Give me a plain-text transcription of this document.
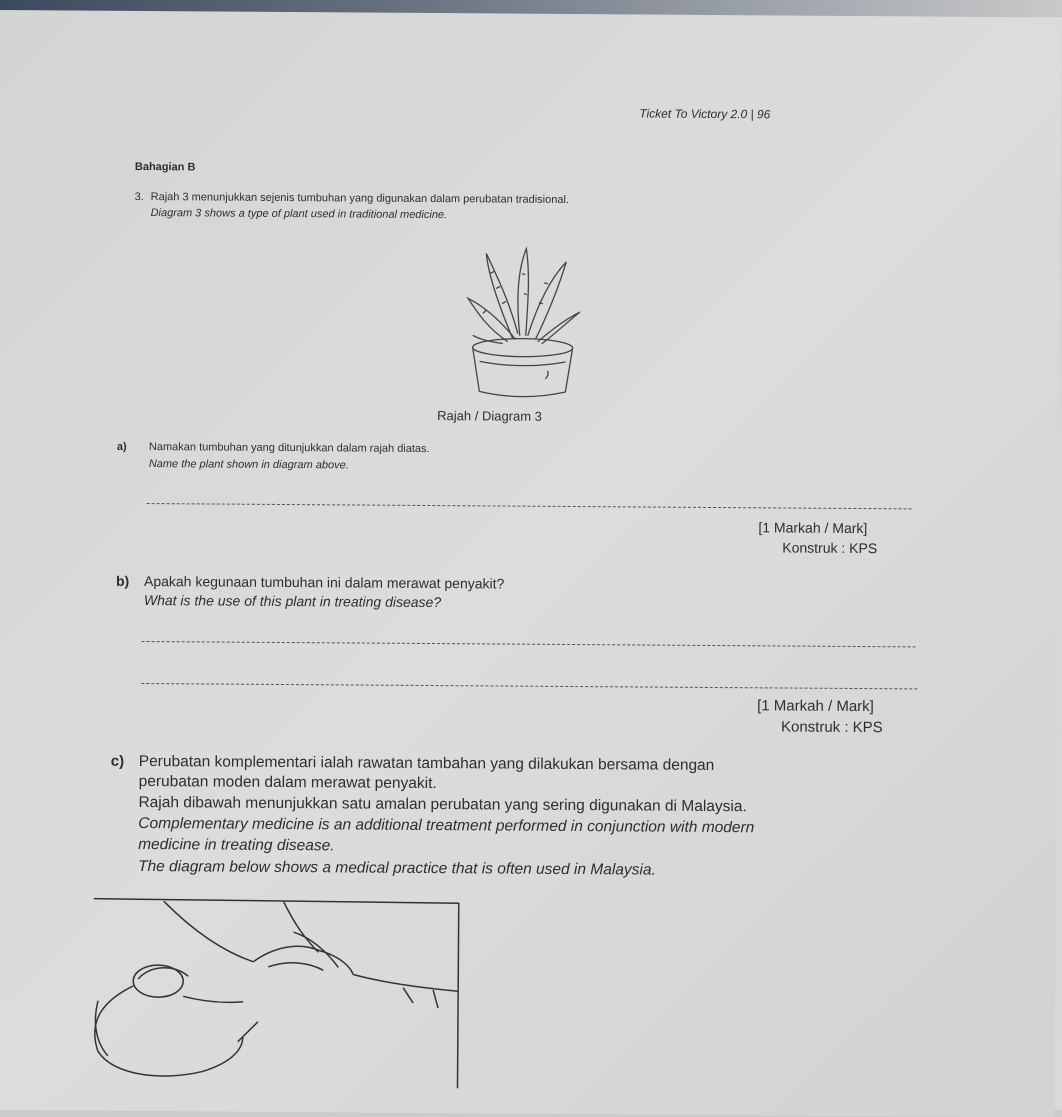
Ticket To Victory 2.0 | 96
Bahagian B
3. Rajah 3 menunjukkan sejenis tumbuhan yang digunakan dalam perubatan tradisional.
Diagram 3 shows a type of plant used in traditional medicine.
Rajah / Diagram 3
a) Namakan tumbuhan yang ditunjukkan dalam rajah diatas.
Name the plant shown in diagram above.
[1 Markah / Mark]
Konstruk : KPS
b) Apakah kegunaan tumbuhan ini dalam merawat penyakit?
What is the use of this plant in treating disease?
[1 Markah / Mark]
Konstruk : KPS
c) Perubatan komplementari ialah rawatan tambahan yang dilakukan bersama dengan
perubatan moden dalam merawat penyakit.
Rajah dibawah menunjukkan satu amalan perubatan yang sering digunakan di Malaysia.
Complementary medicine is an additional treatment performed in conjunction with modern
medicine in treating disease.
The diagram below shows a medical practice that is often used in Malaysia.
